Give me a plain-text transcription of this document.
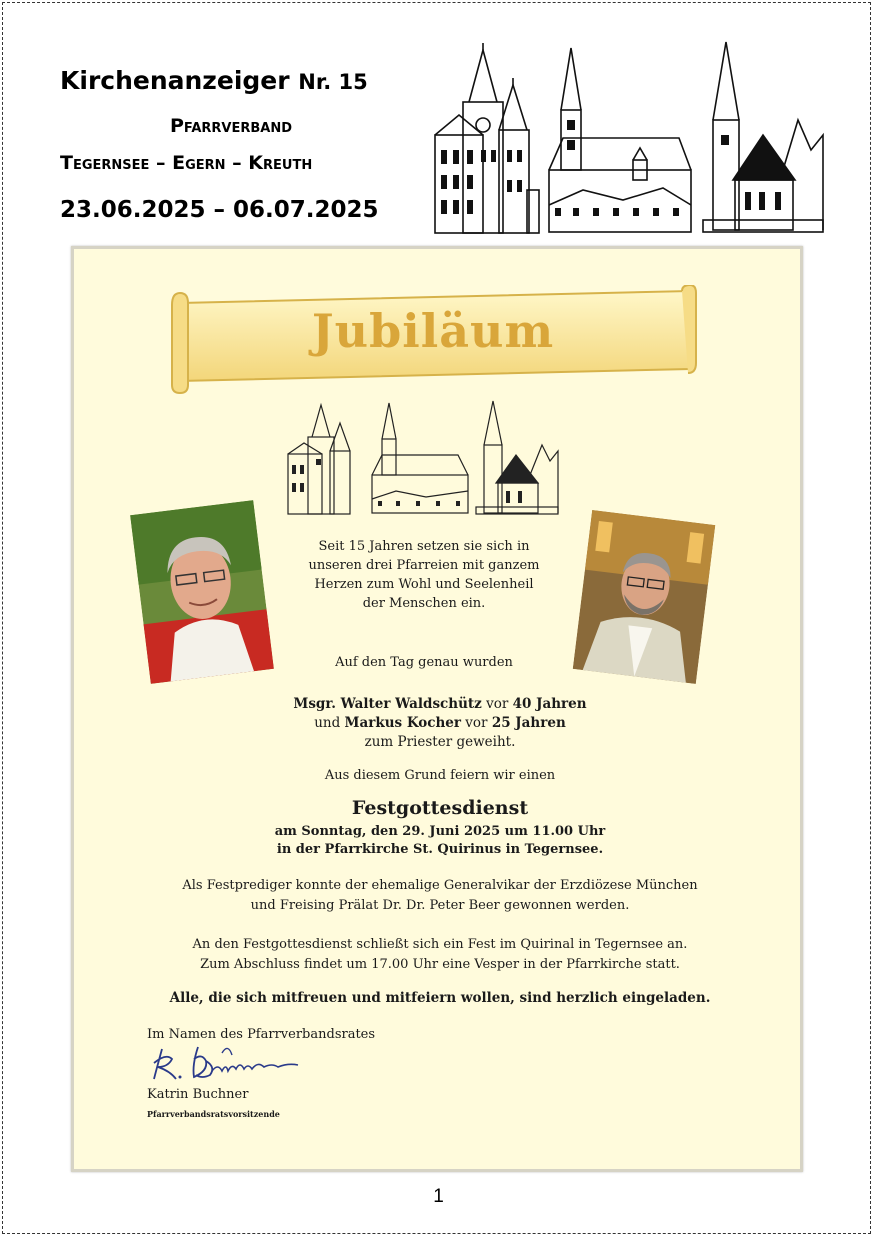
Kirchenanzeiger Nr. 15
Pfarrverband
Tegernsee – Egern – Kreuth
23.06.2025 – 06.07.2025
Jubiläum
Seit 15 Jahren setzen sie sich in
unseren drei Pfarreien mit ganzem
Herzen zum Wohl und Seelenheil
der Menschen ein.
Auf den Tag genau wurden
Msgr. Walter Waldschütz vor 40 Jahren
und Markus Kocher vor 25 Jahren
zum Priester geweiht.
Aus diesem Grund feiern wir einen
Festgottesdienst
am Sonntag, den 29. Juni 2025 um 11.00 Uhr
in der Pfarrkirche St. Quirinus in Tegernsee.
Als Festprediger konnte der ehemalige Generalvikar der Erzdiözese München
und Freising Prälat Dr. Dr. Peter Beer gewonnen werden.
An den Festgottesdienst schließt sich ein Fest im Quirinal in Tegernsee an.
Zum Abschluss findet um 17.00 Uhr eine Vesper in der Pfarrkirche statt.
Alle, die sich mitfreuen und mitfeiern wollen, sind herzlich eingeladen.
Im Namen des Pfarrverbandsrates
Katrin Buchner
Pfarrverbandsratsvorsitzende
1
